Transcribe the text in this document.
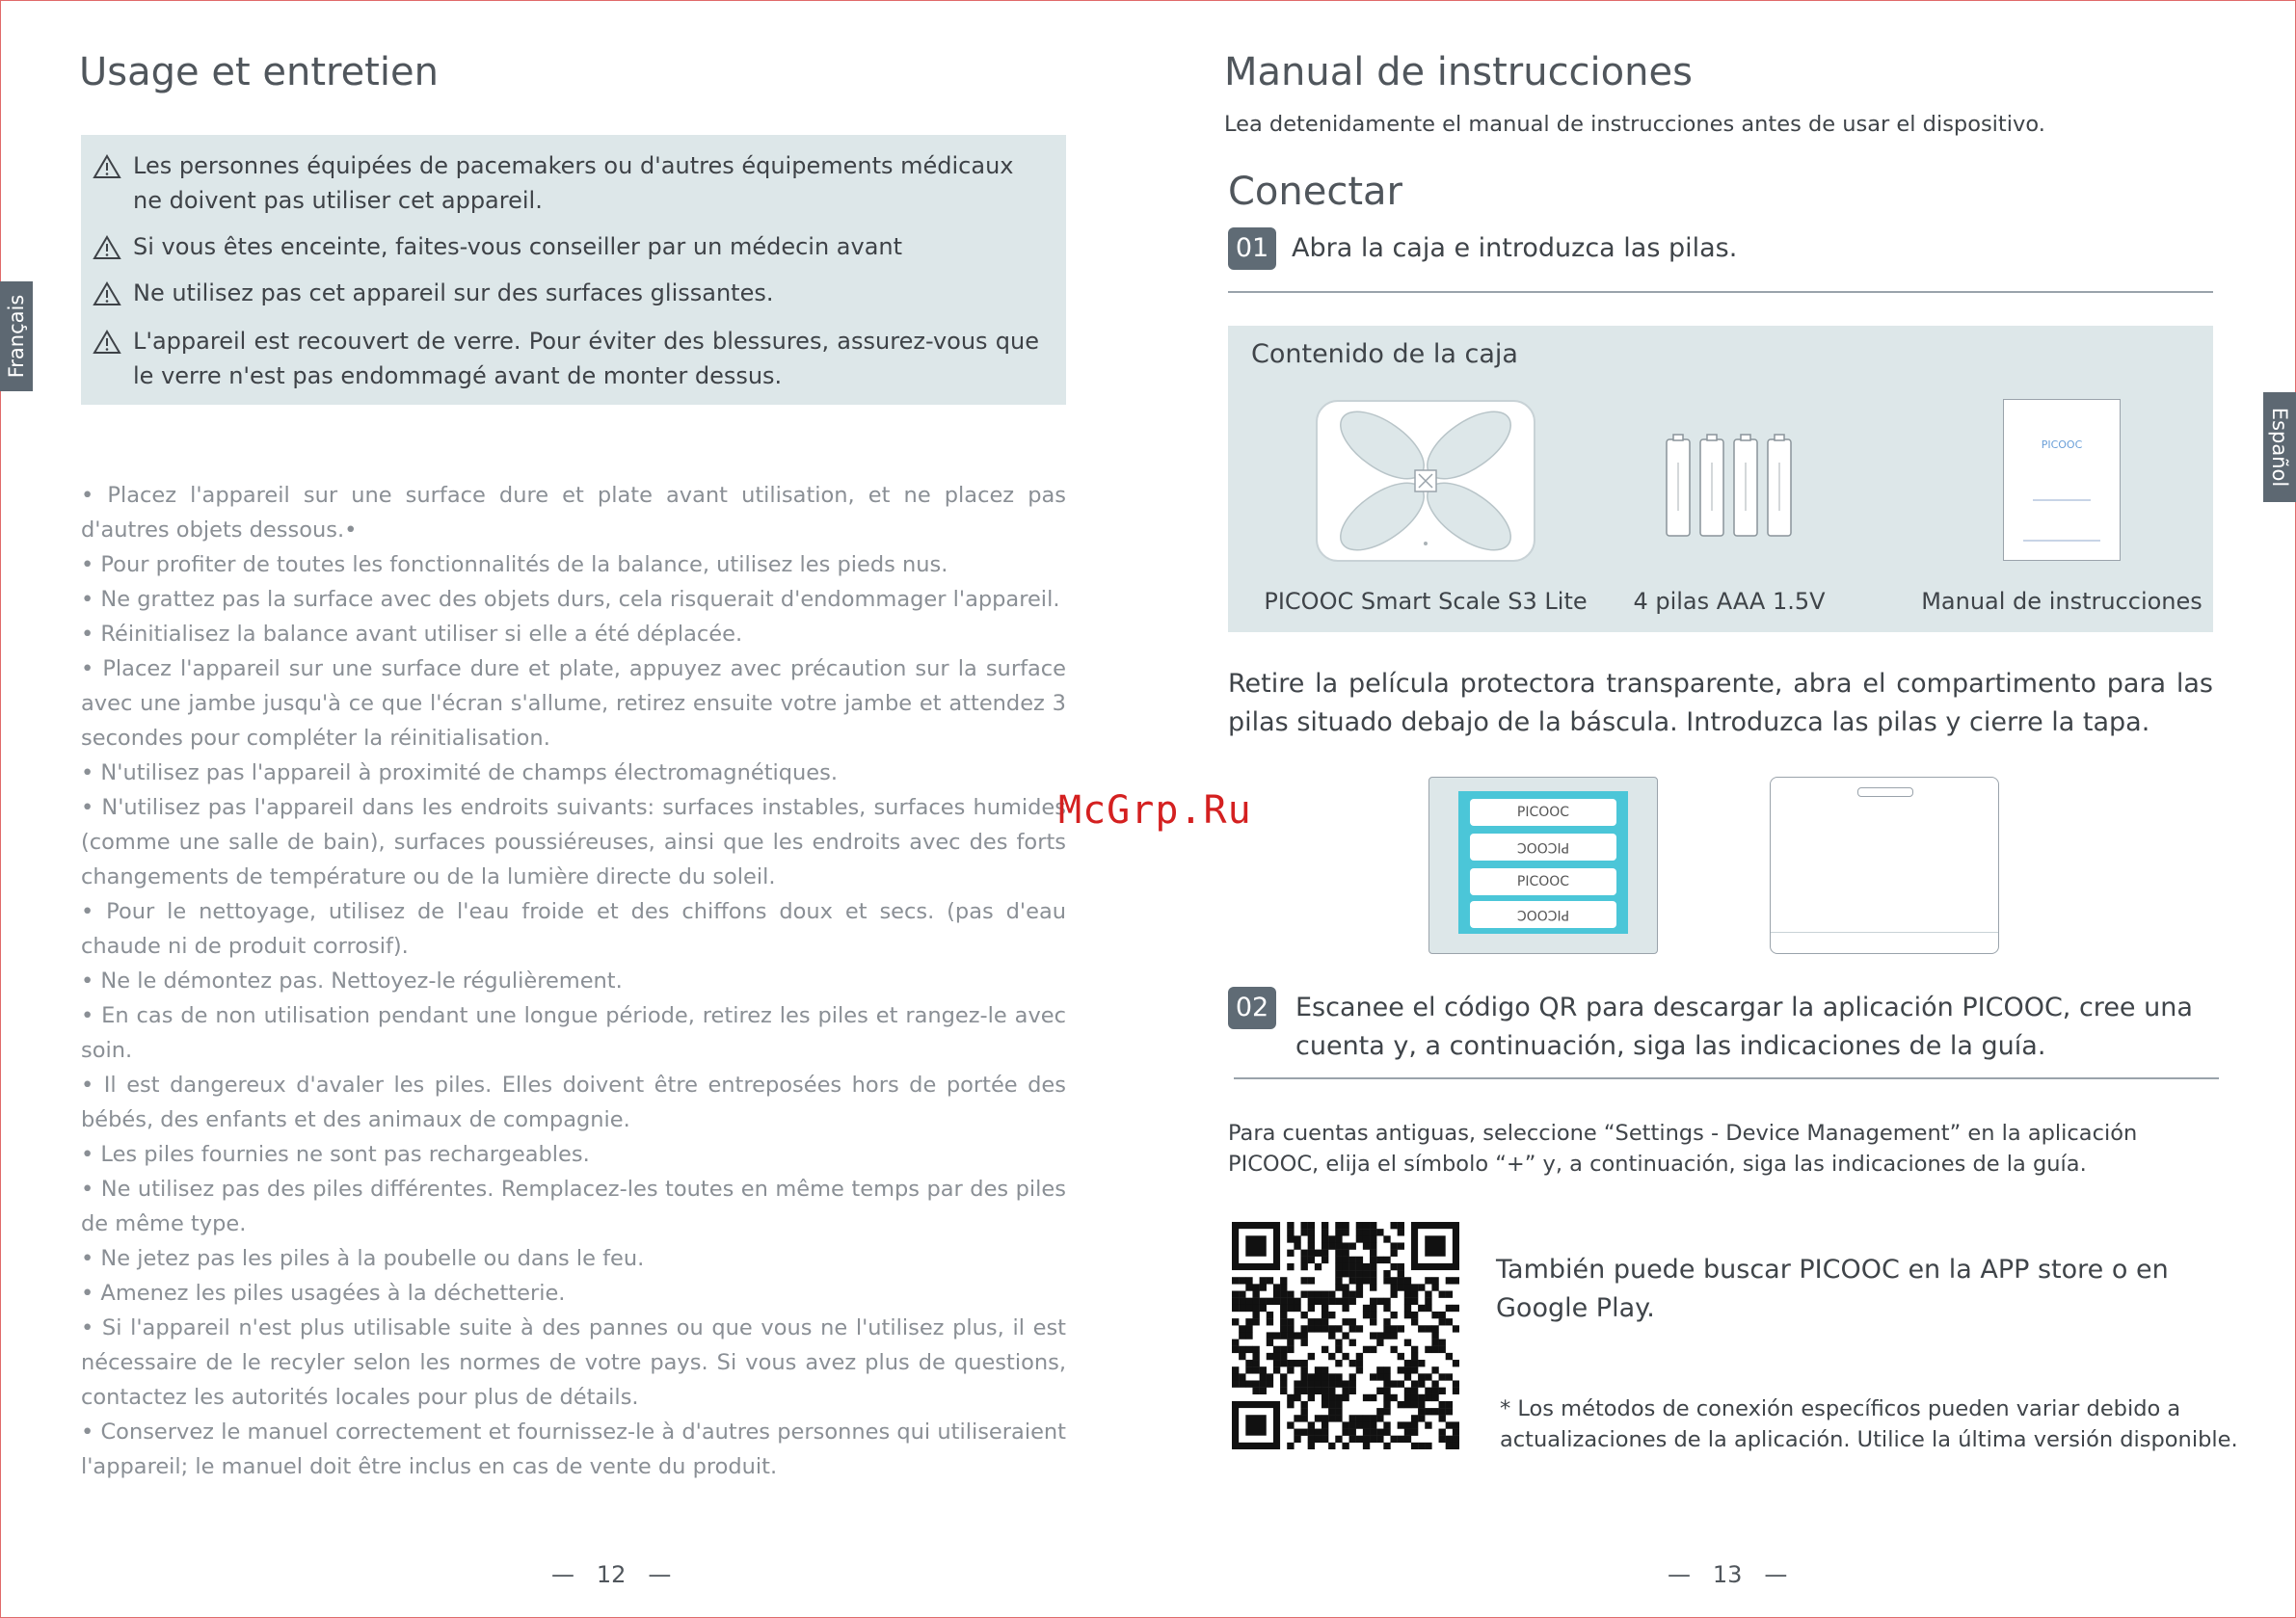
Usage et entretien
Français
Les personnes équipées de pacemakers ou d'autres équipements médicaux ne doivent pas utiliser cet appareil.
Si vous êtes enceinte, faites-vous conseiller par un médecin avant
Ne utilisez pas cet appareil sur des surfaces glissantes.
L'appareil est recouvert de verre. Pour éviter des blessures, assurez-vous que le verre n'est pas endommagé avant de monter dessus.

• Placez l'appareil sur une surface dure et plate avant utilisation, et ne placez pas d'autres objets dessous.•

• Pour profiter de toutes les fonctionnalités de la balance, utilisez les pieds nus.

• Ne grattez pas la surface avec des objets durs, cela risquerait d'endommager l'appareil.

• Réinitialisez la balance avant utiliser si elle a été déplacée.

• Placez l'appareil sur une surface dure et plate, appuyez avec précaution sur la surface avec une jambe jusqu'à ce que l'écran s'allume, retirez ensuite votre jambe et attendez 3 secondes pour compléter la réinitialisation.

• N'utilisez pas l'appareil à proximité de champs électromagnétiques.

• N'utilisez pas l'appareil dans les endroits suivants: surfaces instables, surfaces humides (comme une salle de bain), surfaces poussiéreuses, ainsi que les endroits avec des forts changements de température ou de la lumière directe du soleil.

• Pour le nettoyage, utilisez de l'eau froide et des chiffons doux et secs. (pas d'eau chaude ni de produit corrosif).

• Ne le démontez pas. Nettoyez-le régulièrement.

• En cas de non utilisation pendant une longue période, retirez les piles et rangez-le avec soin.

• Il est dangereux d'avaler les piles. Elles doivent être entreposées hors de portée des bébés, des enfants et des animaux de compagnie.

• Les piles fournies ne sont pas rechargeables.

• Ne utilisez pas des piles différentes. Remplacez-les toutes en même temps par des piles de même type.

• Ne jetez pas les piles à la poubelle ou dans le feu.

• Amenez les piles usagées à la déchetterie.

• Si l'appareil n'est plus utilisable suite à des pannes ou que vous ne l'utilisez plus, il est nécessaire de le recyler selon les normes de votre pays. Si vous avez plus de questions, contactez les autorités locales pour plus de détails.

• Conservez le manuel correctement et fournissez-le à d'autres personnes qui utiliseraient l'appareil; le manuel doit être inclus en cas de vente du produit.

—   12   —
Manual de instrucciones
Lea detenidamente el manual de instrucciones antes de usar el dispositivo.
Español
Conectar
01 Abra la caja e introduzca las pilas.
Contenido de la caja
PICOOC Smart Scale S3 Lite	4 pilas AAA 1.5V
PICOOC
Manual de instrucciones
Retire la película protectora transparente, abra el compartimento para las pilas situado debajo de la báscula. Introduzca las pilas y cierre la tapa.
PICOOC
PICOOC
PICOOC
PICOOC
02 Escanee el código QR para descargar la aplicación PICOOC, cree una cuenta y, a continuación, siga las indicaciones de la guía.
Para cuentas antiguas, seleccione “Settings - Device Management” en la aplicación PICOOC, elija el símbolo “+” y, a continuación, siga las indicaciones de la guía.
También puede buscar PICOOC en la APP store o en Google Play.
* Los métodos de conexión específicos pueden variar debido a actualizaciones de la aplicación. Utilice la última versión disponible.
—   13   —
McGrp.Ru
